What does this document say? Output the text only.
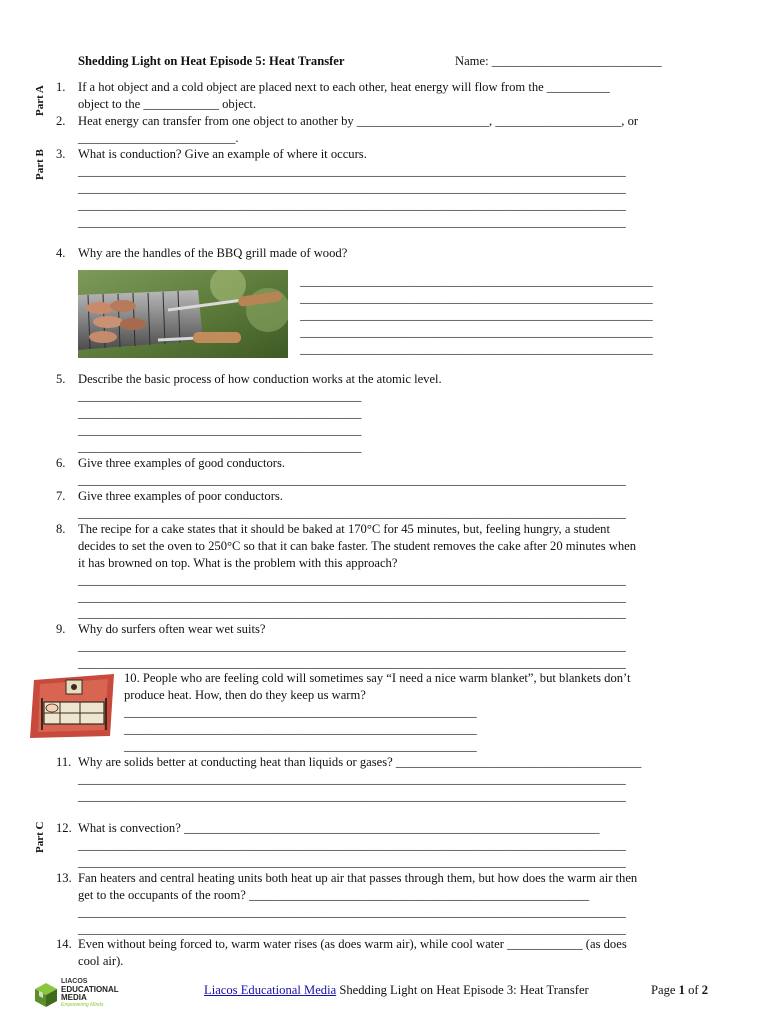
Shedding Light on Heat Episode 5: Heat Transfer	Name: ___________________________
Part A
Part B
Part C
1. If a hot object and a cold object are placed next to each other, heat energy will flow from the __________
object to the ____________ object.
2. Heat energy can transfer from one object to another by _____________________, ____________________, or
_________________________.
3. What is conduction? Give an example of where it occurs.
_______________________________________________________________________________________
_______________________________________________________________________________________
_______________________________________________________________________________________
_______________________________________________________________________________________
4. Why are the handles of the BBQ grill made of wood?
________________________________________________________
________________________________________________________
________________________________________________________
________________________________________________________
________________________________________________________
5. Describe the basic process of how conduction works at the atomic level.
_____________________________________________
_____________________________________________
_____________________________________________
_____________________________________________
6. Give three examples of good conductors.
_______________________________________________________________________________________
7. Give three examples of poor conductors.
_______________________________________________________________________________________
8. The recipe for a cake states that it should be baked at 170°C for 45 minutes, but, feeling hungry, a student
decides to set the oven to 250°C so that it can bake faster. The student removes the cake after 20 minutes when
it has browned on top. What is the problem with this approach?
_______________________________________________________________________________________
_______________________________________________________________________________________
_______________________________________________________________________________________
9. Why do surfers often wear wet suits?
_______________________________________________________________________________________
_______________________________________________________________________________________
10. People who are feeling cold will sometimes say “I need a nice warm blanket”, but blankets don’t
produce heat. How, then do they keep us warm?
________________________________________________________
________________________________________________________
________________________________________________________
11. Why are solids better at conducting heat than liquids or gases? _______________________________________
_______________________________________________________________________________________
_______________________________________________________________________________________
12. What is convection? __________________________________________________________________
_______________________________________________________________________________________
_______________________________________________________________________________________
13. Fan heaters and central heating units both heat up air that passes through them, but how does the warm air then
get to the occupants of the room? ______________________________________________________
_______________________________________________________________________________________
_______________________________________________________________________________________
14. Even without being forced to, warm water rises (as does warm air), while cool water ____________ (as does
cool air).
LIACOS
EDUCATIONAL
MEDIA
Empowering Minds
Liacos Educational Media Shedding Light on Heat Episode 3: Heat Transfer	Page 1 of 2
